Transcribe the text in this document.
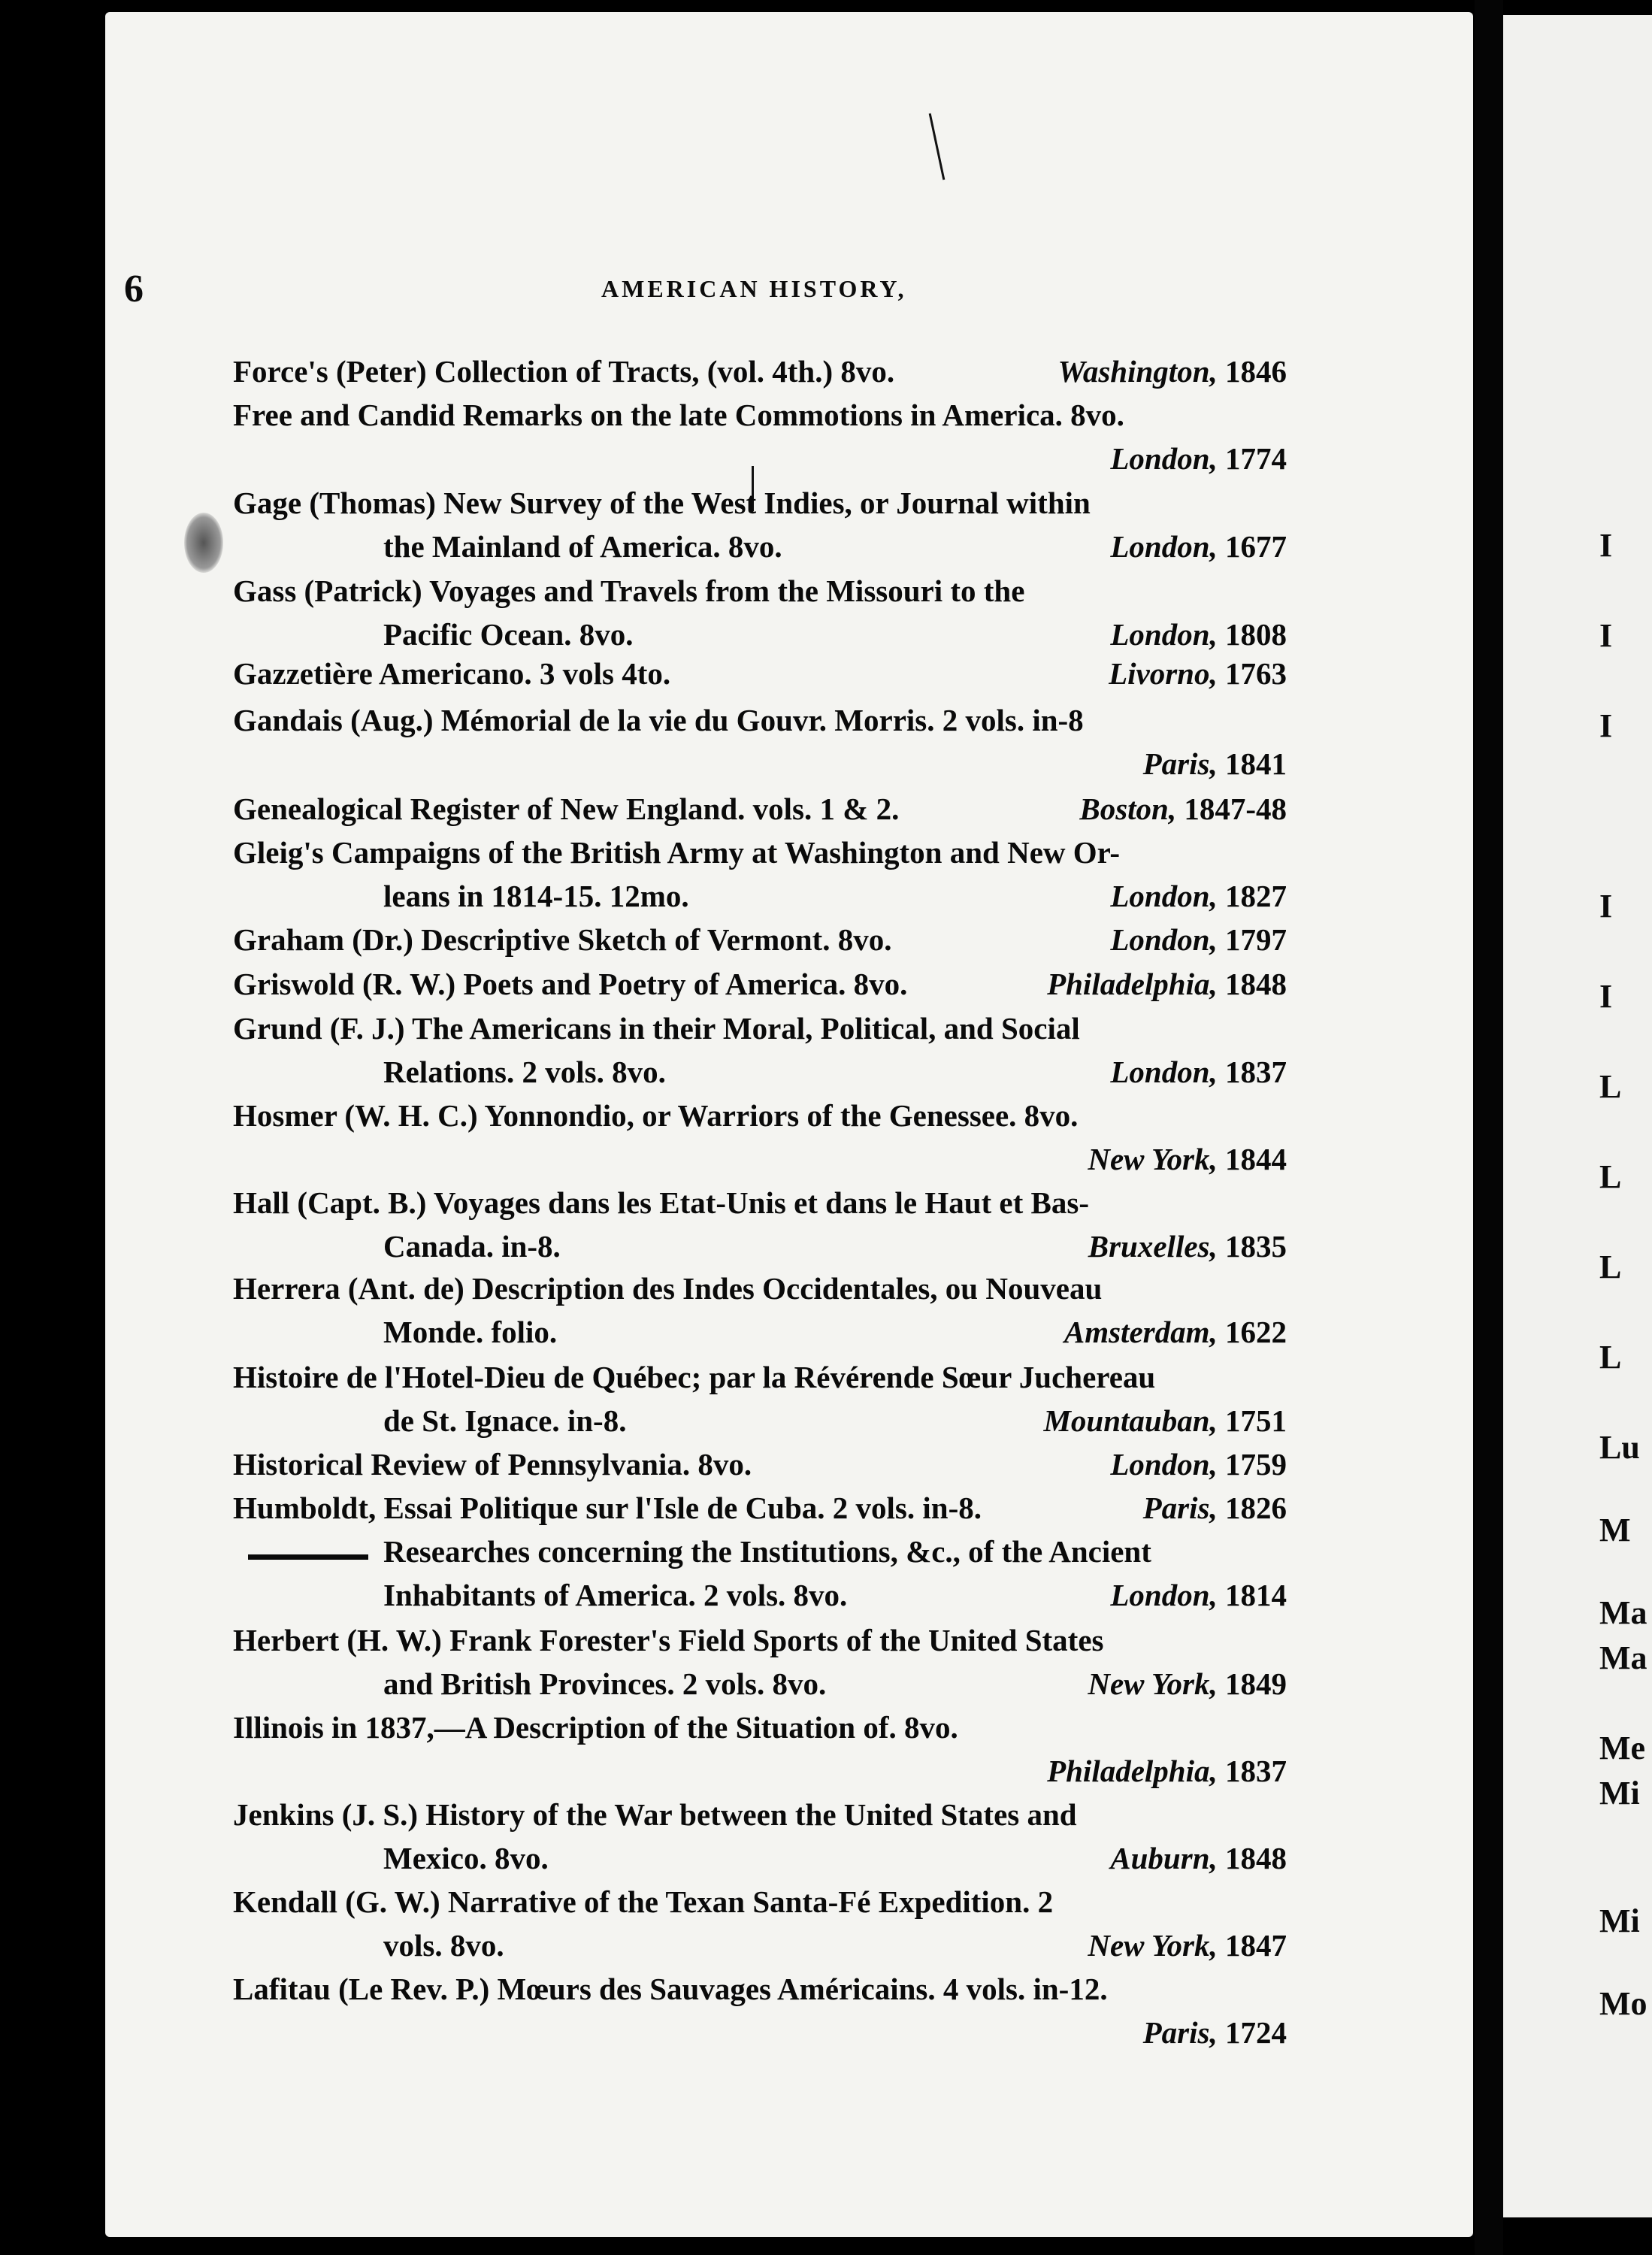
6	AMERICAN HISTORY,
Force's (Peter) Collection of Tracts, (vol. 4th.) 8vo.	Washington, 1846
Free and Candid Remarks on the late Commotions in America. 8vo.
London, 1774
Gage (Thomas) New Survey of the West Indies, or Journal within
the Mainland of America. 8vo.	London, 1677
Gass (Patrick) Voyages and Travels from the Missouri to the
Pacific Ocean. 8vo.	London, 1808
Gazzetière Americano. 3 vols 4to.	Livorno, 1763
Gandais (Aug.) Mémorial de la vie du Gouvr. Morris. 2 vols. in-8
Paris, 1841
Genealogical Register of New England. vols. 1 & 2.	Boston, 1847-48
Gleig's Campaigns of the British Army at Washington and New Or-
leans in 1814-15. 12mo.	London, 1827
Graham (Dr.) Descriptive Sketch of Vermont. 8vo.	London, 1797
Griswold (R. W.) Poets and Poetry of America. 8vo.	Philadelphia, 1848
Grund (F. J.) The Americans in their Moral, Political, and Social
Relations. 2 vols. 8vo.	London, 1837
Hosmer (W. H. C.) Yonnondio, or Warriors of the Genessee. 8vo.
New York, 1844
Hall (Capt. B.) Voyages dans les Etat-Unis et dans le Haut et Bas-
Canada. in-8.	Bruxelles, 1835
Herrera (Ant. de) Description des Indes Occidentales, ou Nouveau
Monde. folio.	Amsterdam, 1622
Histoire de l'Hotel-Dieu de Québec; par la Révérende Sœur Juchereau
de St. Ignace. in-8.	Mountauban, 1751
Historical Review of Pennsylvania. 8vo.	London, 1759
Humboldt, Essai Politique sur l'Isle de Cuba. 2 vols. in-8.	Paris, 1826
Researches concerning the Institutions, &c., of the Ancient
Inhabitants of America. 2 vols. 8vo.	London, 1814
Herbert (H. W.) Frank Forester's Field Sports of the United States
and British Provinces. 2 vols. 8vo.	New York, 1849
Illinois in 1837,—A Description of the Situation of. 8vo.
Philadelphia, 1837
Jenkins (J. S.) History of the War between the United States and
Mexico. 8vo.	Auburn, 1848
Kendall (G. W.) Narrative of the Texan Santa-Fé Expedition. 2
vols. 8vo.	New York, 1847
Lafitau (Le Rev. P.) Mœurs des Sauvages Américains. 4 vols. in-12.
Paris, 1724
I
I
I
I
I
L
L
L
L
Lu
M
Ma
Ma
Me
Mi
Mi
Mo
